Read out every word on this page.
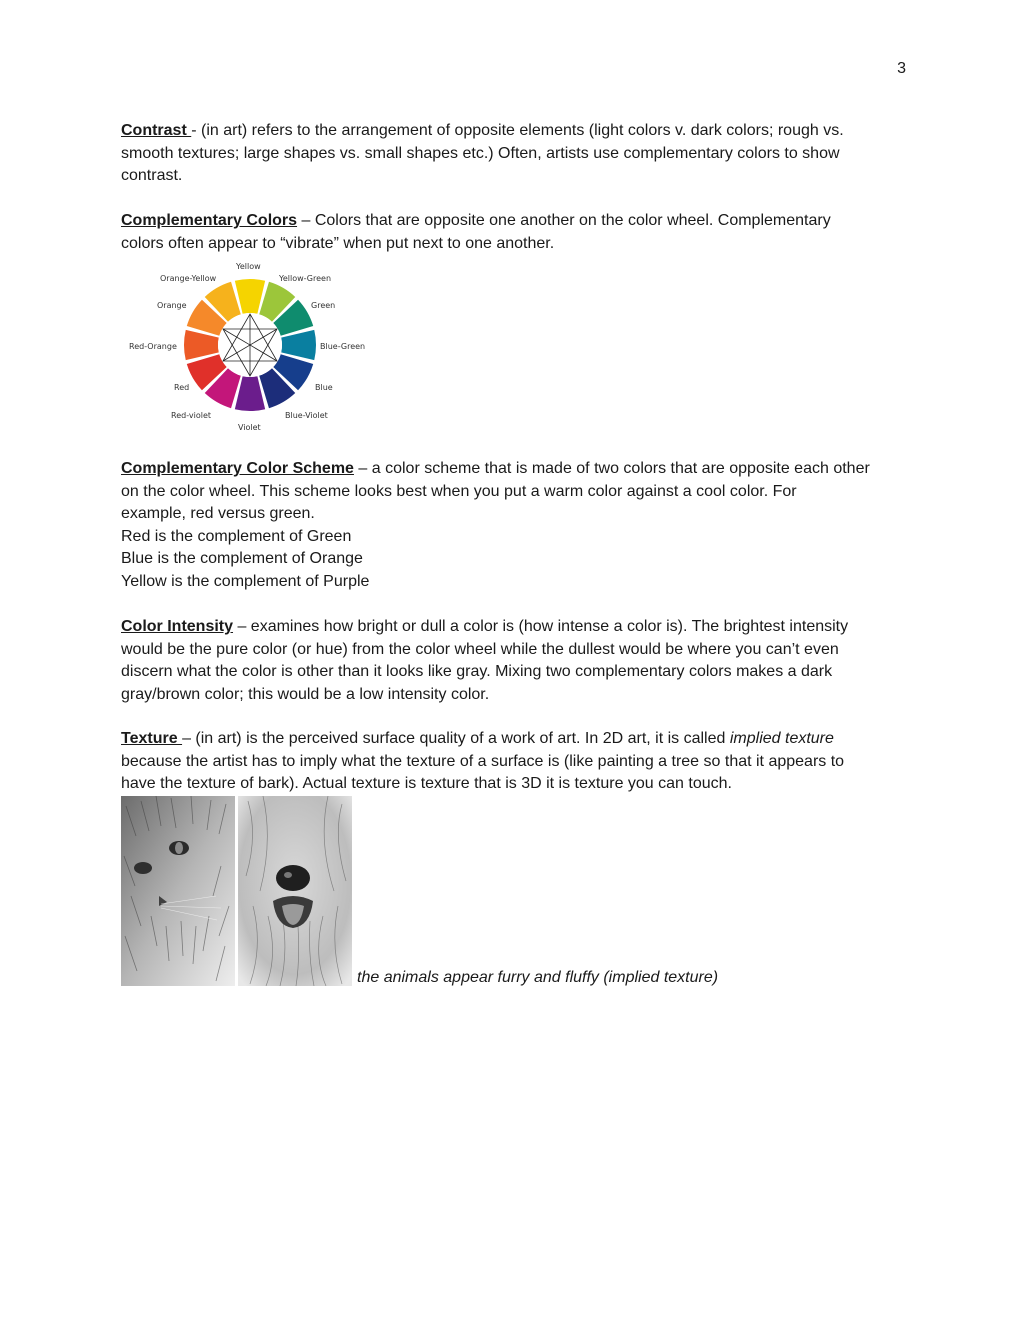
3
Contrast - (in art) refers to the arrangement of opposite elements (light colors v. dark colors; rough vs.
smooth textures; large shapes vs. small shapes etc.) Often, artists use complementary colors to show
contrast.
Complementary Colors – Colors that are opposite one another on the color wheel. Complementary
colors often appear to “vibrate” when put next to one another.
Yellow
Yellow-Green
Green
Blue-Green
Blue
Blue-Violet
Violet
Red-violet
Red
Red-Orange
Orange
Orange-Yellow
Complementary Color Scheme – a color scheme that is made of two colors that are opposite each other
on the color wheel. This scheme looks best when you put a warm color against a cool color. For
example, red versus green.
Red is the complement of Green
Blue is the complement of Orange
Yellow is the complement of Purple
Color Intensity – examines how bright or dull a color is (how intense a color is). The brightest intensity
would be the pure color (or hue) from the color wheel while the dullest would be where you can’t even
discern what the color is other than it looks like gray. Mixing two complementary colors makes a dark
gray/brown color; this would be a low intensity color.
Texture – (in art) is the perceived surface quality of a work of art. In 2D art, it is called implied texture
because the artist has to imply what the texture of a surface is (like painting a tree so that it appears to
have the texture of bark). Actual texture is texture that is 3D it is texture you can touch.
the animals appear furry and fluffy (implied texture)
